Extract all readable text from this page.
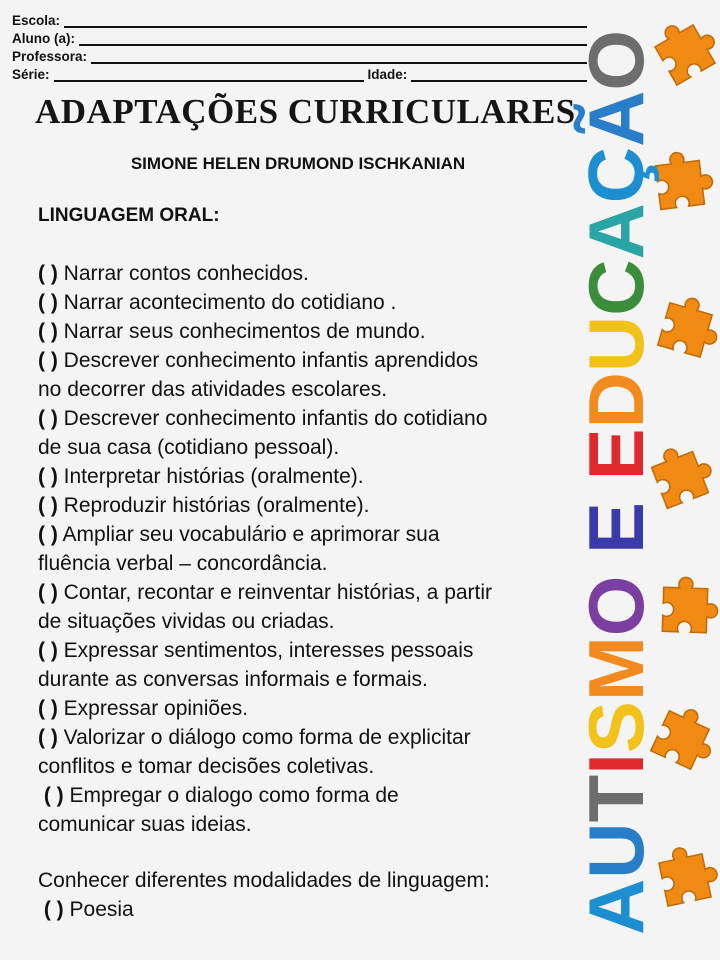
Escola:
Aluno (a):
Professora:
Série:	Idade:
ADAPTAÇÕES CURRICULARES
SIMONE HELEN DRUMOND ISCHKANIAN
LINGUAGEM ORAL:
( ) Narrar contos conhecidos.
( ) Narrar acontecimento do cotidiano .
( ) Narrar seus conhecimentos de mundo.
( ) Descrever conhecimento infantis aprendidos
no decorrer das atividades escolares.
( ) Descrever conhecimento infantis do cotidiano
de sua casa (cotidiano pessoal).
( ) Interpretar histórias (oralmente).
( ) Reproduzir histórias (oralmente).
( ) Ampliar seu vocabulário e aprimorar sua
fluência verbal – concordância.
( ) Contar, recontar e reinventar histórias, a partir
de situações vividas ou criadas.
( ) Expressar sentimentos, interesses pessoais
durante as conversas informais e formais.
( ) Expressar opiniões.
( ) Valorizar o diálogo como forma de explicitar
conflitos e tomar decisões coletivas.
( ) Empregar o dialogo como forma de
comunicar suas ideias.
Conhecer diferentes modalidades de linguagem:
( ) Poesia	AUTISMO E EDUCAÇÃO
